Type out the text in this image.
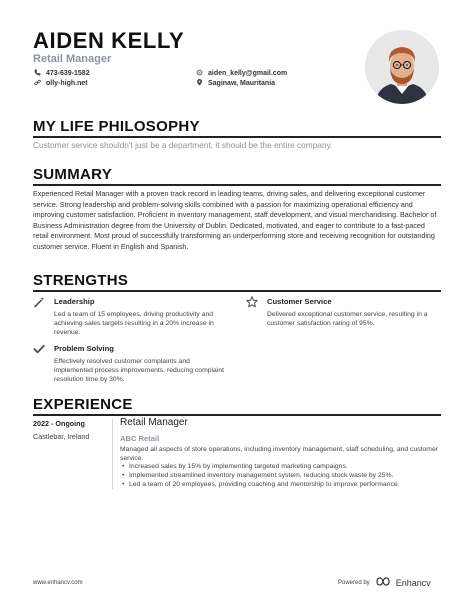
AIDEN KELLY
Retail Manager
473-639-1582
olly-high.net
aiden_kelly@gmail.com
Saginaw, Mauritania
MY LIFE PHILOSOPHY
Customer service shouldn't just be a department, it should be the entire company.
SUMMARY
Experienced Retail Manager with a proven track record in leading teams, driving sales, and delivering exceptional customer service. Strong leadership and problem-solving skills combined with a passion for maximizing operational efficiency and improving customer satisfaction. Proficient in inventory management, staff development, and visual merchandising. Bachelor of Business Administration degree from the University of Dublin. Dedicated, motivated, and eager to contribute to a fast-paced retail environment. Most proud of successfully transforming an underperforming store and receiving recognition for outstanding customer service. Fluent in English and Spanish.
STRENGTHS
Leadership
Led a team of 15 employees, driving productivity and achieving sales targets resulting in a 20% increase in revenue.
Customer Service
Delivered exceptional customer service, resulting in a customer satisfaction rating of 95%.
Problem Solving
Effectively resolved customer complaints and implemented process improvements, reducing complaint resolution time by 30%.
EXPERIENCE
2022 - Ongoing
Castlebar, Ireland
Retail Manager
ABC Retail
Managed all aspects of store operations, including inventory management, staff scheduling, and customer service.
• Increased sales by 15% by implementing targeted marketing campaigns.
• Implemented streamlined inventory management system, reducing stock waste by 25%.
• Led a team of 20 employees, providing coaching and mentorship to improve performance.
www.enhancv.com	Powered by	Enhancv
